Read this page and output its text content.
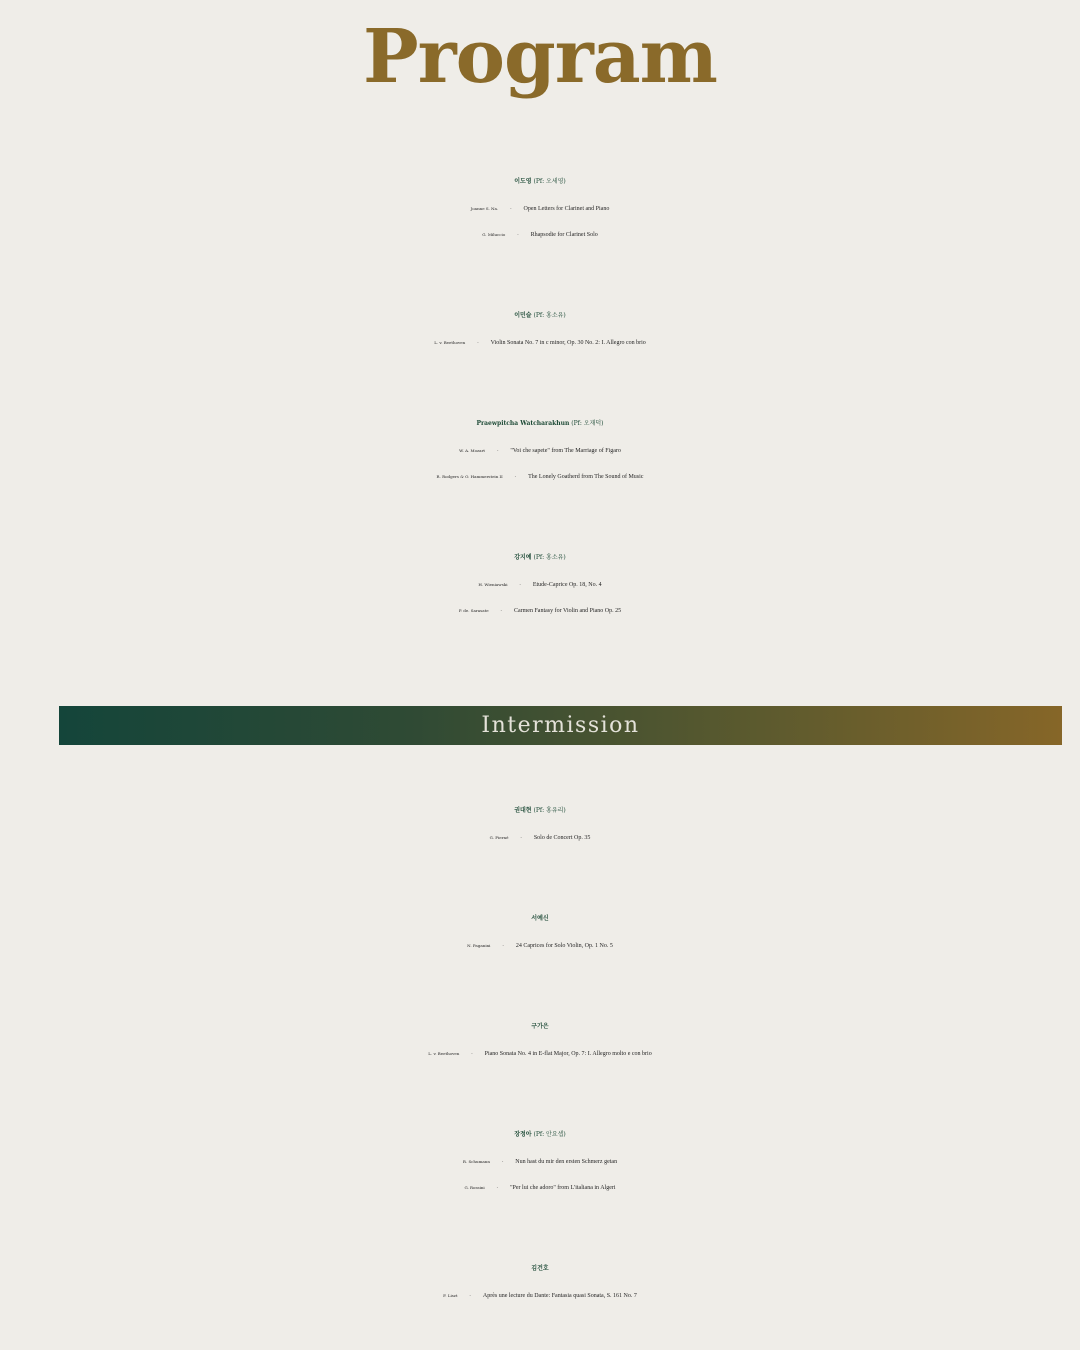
Program
이도영 (Pf: 오세영)
Joanne S. Na.	- Open Letters for Clarinet and Piano
G. Miluccio	- Rhapsodie for Clarinet Solo
이민슬 (Pf: 홍소유)
L. v. Beethoven	- Violin Sonata No. 7 in c minor, Op. 30 No. 2: I. Allegro con brio
Praewpitcha Watcharakhun (Pf: 오재덕)
W. A. Mozart	- "Voi che sapete" from The Marriage of Figaro
R. Rodgers & O. Hammerstein II	- The Lonely Goatherd from The Sound of Music
강지예 (Pf: 홍소유)
H. Wieniawski	- Etude-Caprice Op. 18, No. 4
P. de. Sarasate	- Carmen Fantasy for Violin and Piano Op. 25
권대현 (Pf: 홍유리)
G. Pierné	- Solo de Concert Op. 35
서예신
N. Paganini	- 24 Caprices for Solo Violin, Op. 1 No. 5
구가은
L. v. Beethoven	- Piano Sonata No. 4 in E-flat Major, Op. 7: I. Allegro molto e con brio
장정아 (Pf: 안요셉)
R. Schumann	- Nun hast du mir den ersten Schmerz getan
G. Rossini	- "Per lui che adoro" from L'italiana in Algeri
김건호
F. Liszt	- Après une lecture du Dante: Fantasia quasi Sonata, S. 161 No. 7
Intermission
